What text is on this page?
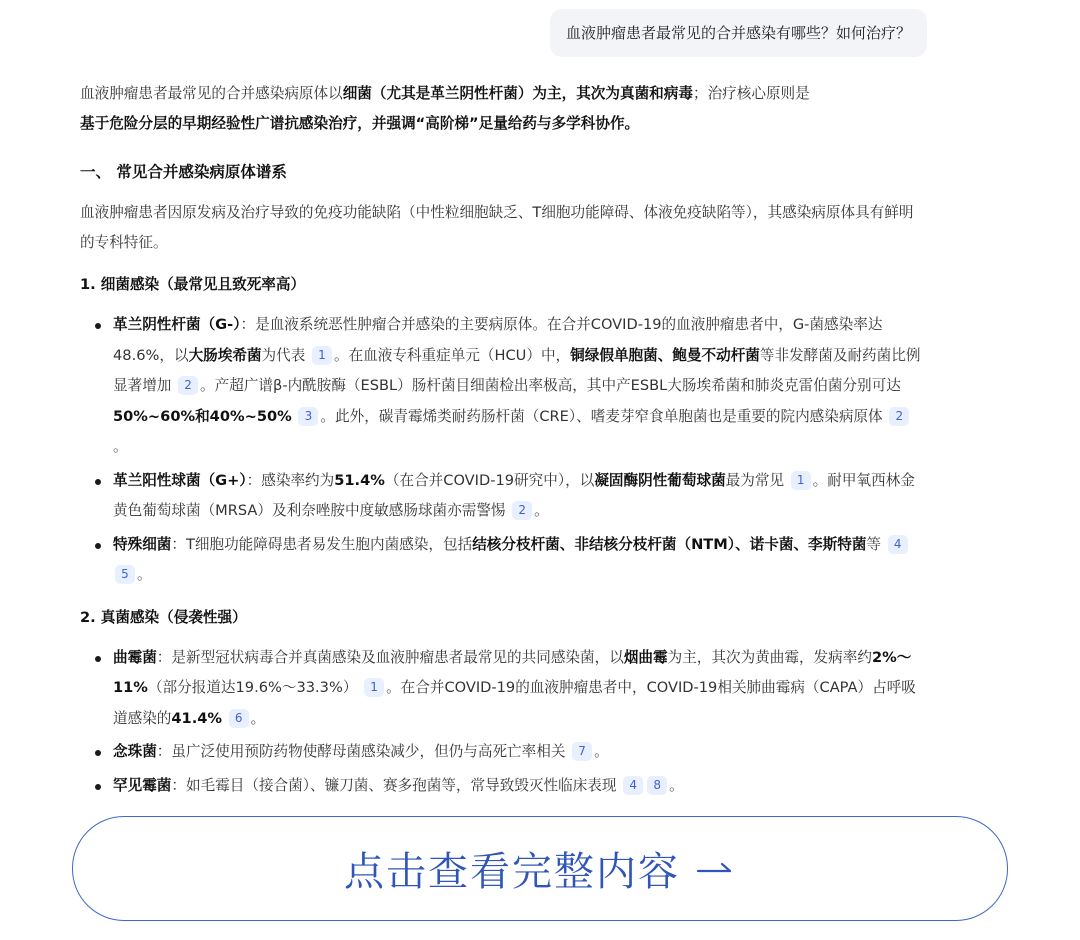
血液肿瘤患者最常见的合并感染有哪些？如何治疗？

血液肿瘤患者最常见的合并感染病原体以细菌（尤其是革兰阴性杆菌）为主，其次为真菌和病毒；治疗核心原则是
基于危险分层的早期经验性广谱抗感染治疗，并强调“高阶梯”足量给药与多学科协作。

一、 常见合并感染病原体谱系

血液肿瘤患者因原发病及治疗导致的免疫功能缺陷（中性粒细胞缺乏、T细胞功能障碍、体液免疫缺陷等），其感染病原体具有鲜明的专科特征。

1. 细菌感染（最常见且致死率高）
革兰阴性杆菌（G-）：是血液系统恶性肿瘤合并感染的主要病原体。在合并COVID-19的血液肿瘤患者中，G-菌感染率达48.6%，以大肠埃希菌为代表 1 。在血液专科重症单元（HCU）中，铜绿假单胞菌、鲍曼不动杆菌等非发酵菌及耐药菌比例显著增加 2 。产超广谱β-内酰胺酶（ESBL）肠杆菌目细菌检出率极高，其中产ESBL大肠埃希菌和肺炎克雷伯菌分别可达50%~60%和40%~50% 3 。此外，碳青霉烯类耐药肠杆菌（CRE）、嗜麦芽窄食单胞菌也是重要的院内感染病原体 2。
革兰阳性球菌（G+）：感染率约为51.4%（在合并COVID-19研究中），以凝固酶阴性葡萄球菌最为常见 1 。耐甲氧西林金黄色葡萄球菌（MRSA）及利奈唑胺中度敏感肠球菌亦需警惕 2 。
特殊细菌：T细胞功能障碍患者易发生胞内菌感染，包括结核分枝杆菌、非结核分枝杆菌（NTM）、诺卡菌、李斯特菌等 45 。
2. 真菌感染（侵袭性强）
曲霉菌：是新型冠状病毒合并真菌感染及血液肿瘤患者最常见的共同感染菌，以烟曲霉为主，其次为黄曲霉，发病率约2%～11%（部分报道达19.6%～33.3%） 1 。在合并COVID-19的血液肿瘤患者中，COVID-19相关肺曲霉病（CAPA）占呼吸道感染的41.4% 6 。
念珠菌：虽广泛使用预防药物使酵母菌感染减少，但仍与高死亡率相关 7 。
罕见霉菌：如毛霉目（接合菌）、镰刀菌、赛多孢菌等，常导致毁灭性临床表现 4 8 。
点击查看完整内容
